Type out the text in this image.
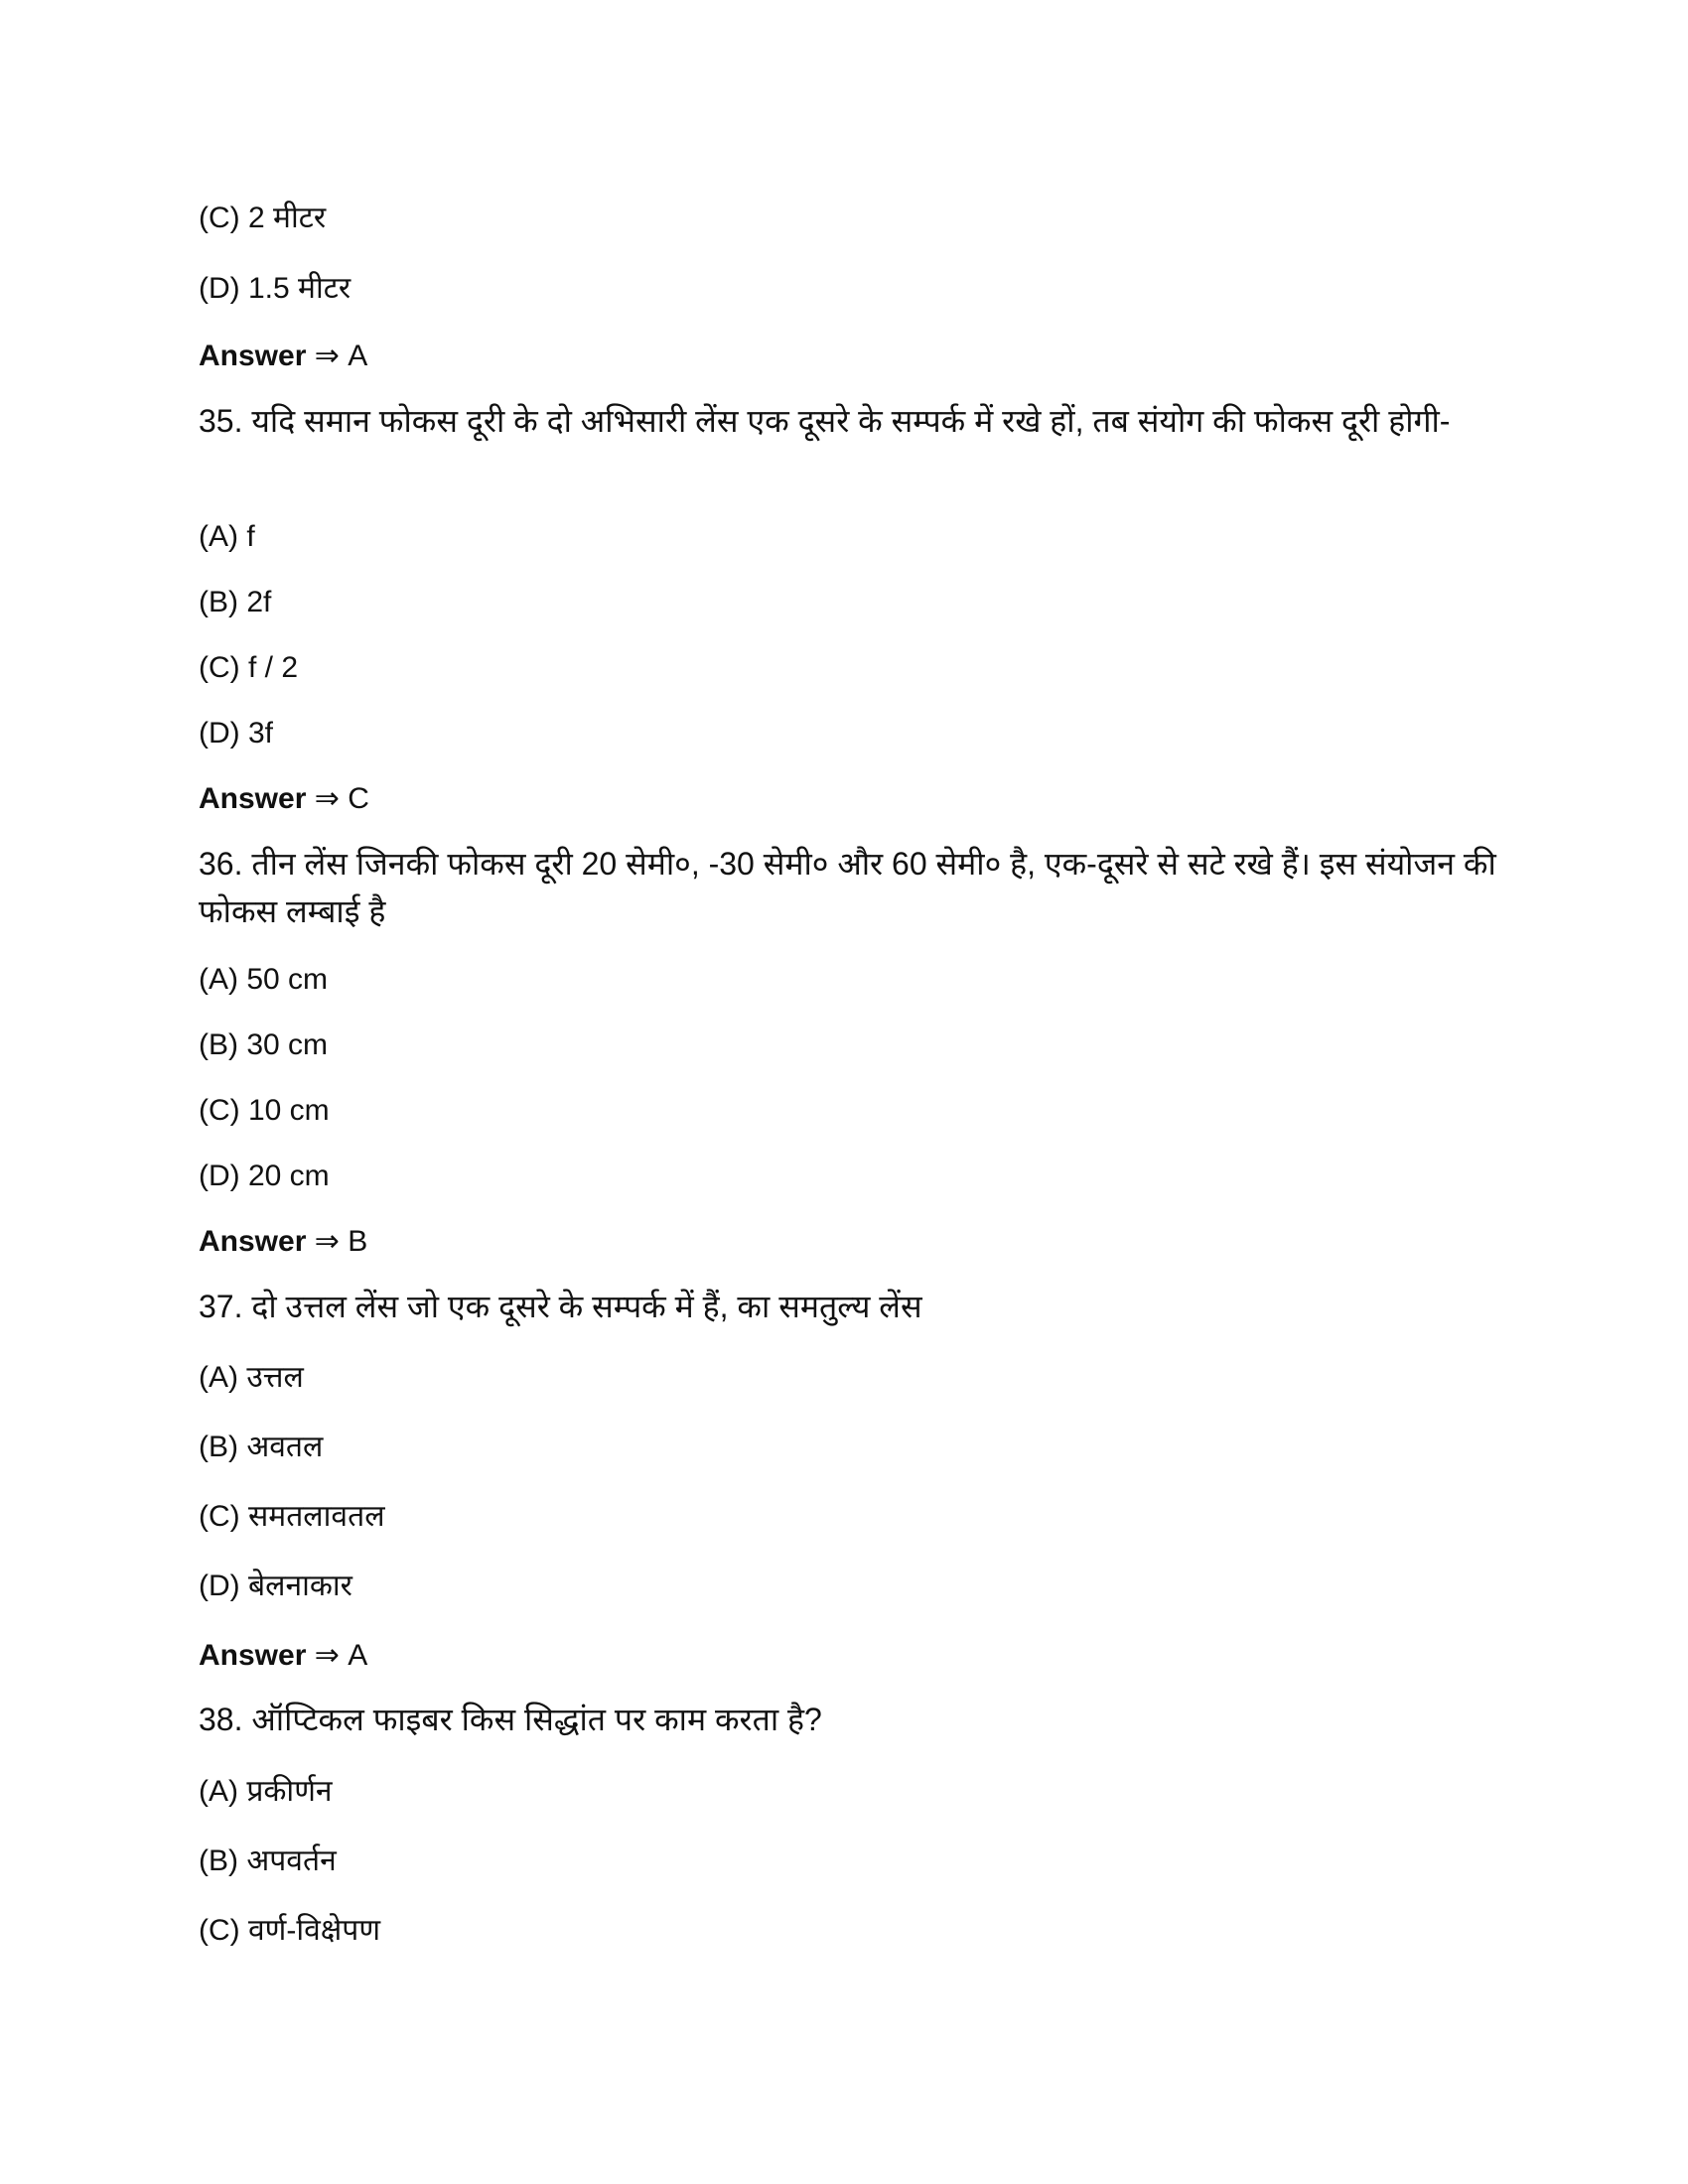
(C) 2 मीटर
(D) 1.5 मीटर
Answer ⇒ A
35. यदि समान फोकस दूरी के दो अभिसारी लेंस एक दूसरे के सम्पर्क में रखे हों, तब संयोग की फोकस दूरी होगी-
(A) f
(B) 2f
(C) f / 2
(D) 3f
Answer ⇒ C
36. तीन लेंस जिनकी फोकस दूरी 20 सेमी०, -30 सेमी० और 60 सेमी० है, एक-दूसरे से सटे रखे हैं। इस संयोजन की फोकस लम्बाई है
(A) 50 cm
(B) 30 cm
(C) 10 cm
(D) 20 cm
Answer ⇒ B
37. दो उत्तल लेंस जो एक दूसरे के सम्पर्क में हैं, का समतुल्य लेंस
(A) उत्तल
(B) अवतल
(C) समतलावतल
(D) बेलनाकार
Answer ⇒ A
38. ऑप्टिकल फाइबर किस सिद्धांत पर काम करता है?
(A) प्रकीर्णन
(B) अपवर्तन
(C) वर्ण-विक्षेपण
